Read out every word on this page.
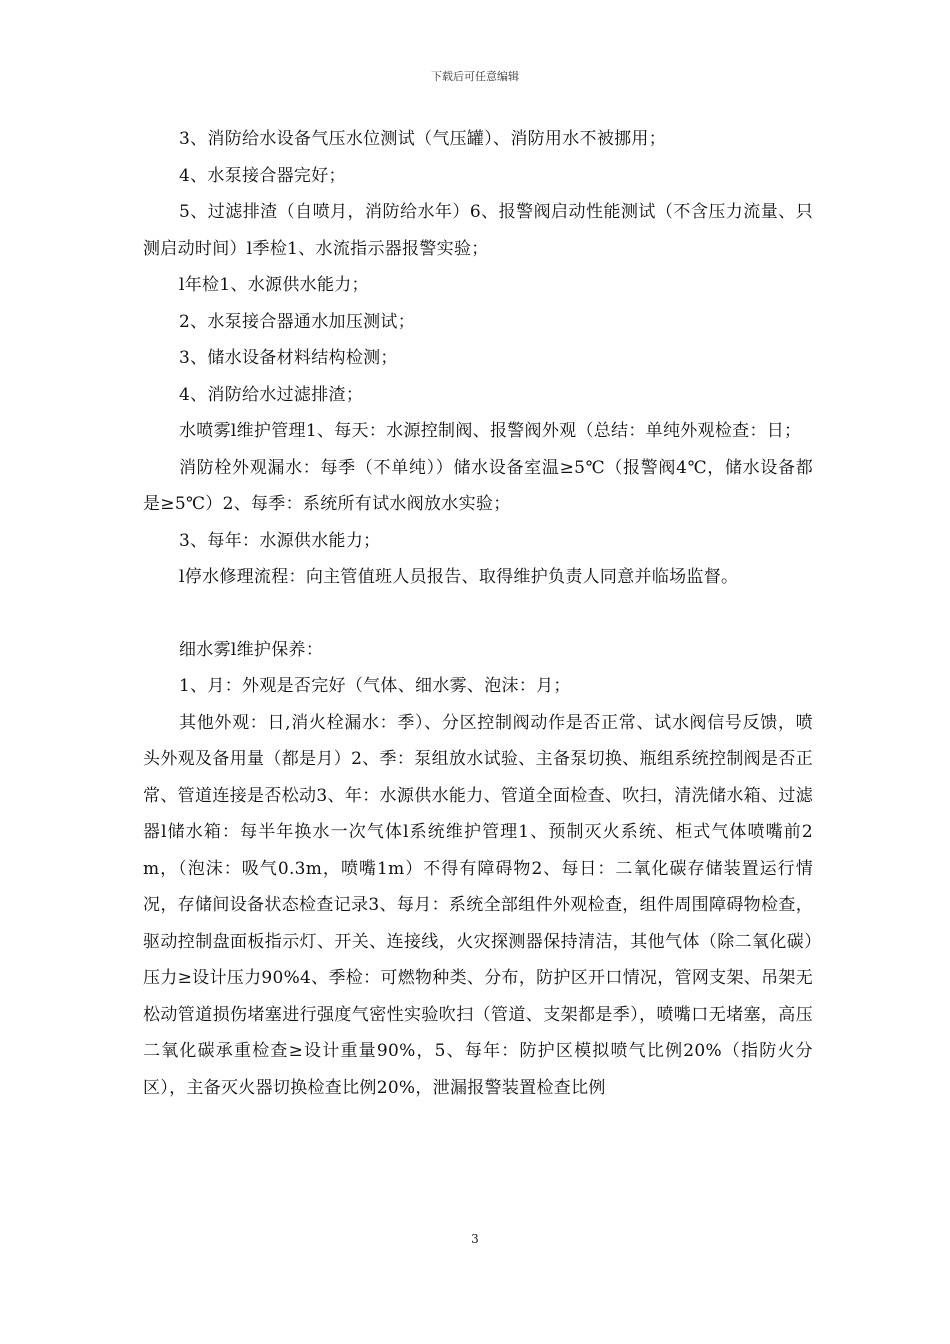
下载后可任意编辑

3、消防给水设备气压水位测试（气压罐）、消防用水不被挪用；

4、水泵接合器完好；

5、过滤排渣（自喷月，消防给水年）6、报警阀启动性能测试（不含压力流量、只测启动时间）l季检1、水流指示器报警实验；

l年检1、水源供水能力；

2、水泵接合器通水加压测试；

3、储水设备材料结构检测；

4、消防给水过滤排渣；

水喷雾l维护管理1、每天：水源控制阀、报警阀外观（总结：单纯外观检查：日；

消防栓外观漏水：每季（不单纯））储水设备室温≥5℃（报警阀4℃，储水设备都是≥5℃）2、每季：系统所有试水阀放水实验；

3、每年：水源供水能力；

l停水修理流程：向主管值班人员报告、取得维护负责人同意并临场监督。

细水雾l维护保养：

1、月：外观是否完好（气体、细水雾、泡沫：月；

其他外观：日,消火栓漏水：季）、分区控制阀动作是否正常、试水阀信号反馈，喷头外观及备用量（都是月）2、季：泵组放水试验、主备泵切换、瓶组系统控制阀是否正常、管道连接是否松动3、年：水源供水能力、管道全面检查、吹扫，清洗储水箱、过滤器l储水箱：每半年换水一次气体l系统维护管理1、预制灭火系统、柜式气体喷嘴前2m，（泡沫：吸气0.3m，喷嘴1m）不得有障碍物2、每日：二氧化碳存储装置运行情况，存储间设备状态检查记录3、每月：系统全部组件外观检查，组件周围障碍物检查，驱动控制盘面板指示灯、开关、连接线，火灾探测器保持清洁，其他气体（除二氧化碳）压力≥设计压力90%4、季检：可燃物种类、分布，防护区开口情况，管网支架、吊架无松动管道损伤堵塞进行强度气密性实验吹扫（管道、支架都是季），喷嘴口无堵塞，高压二氧化碳承重检查≥设计重量90%，5、每年：防护区模拟喷气比例20%（指防火分区），主备灭火器切换检查比例20%，泄漏报警装置检查比例

3
